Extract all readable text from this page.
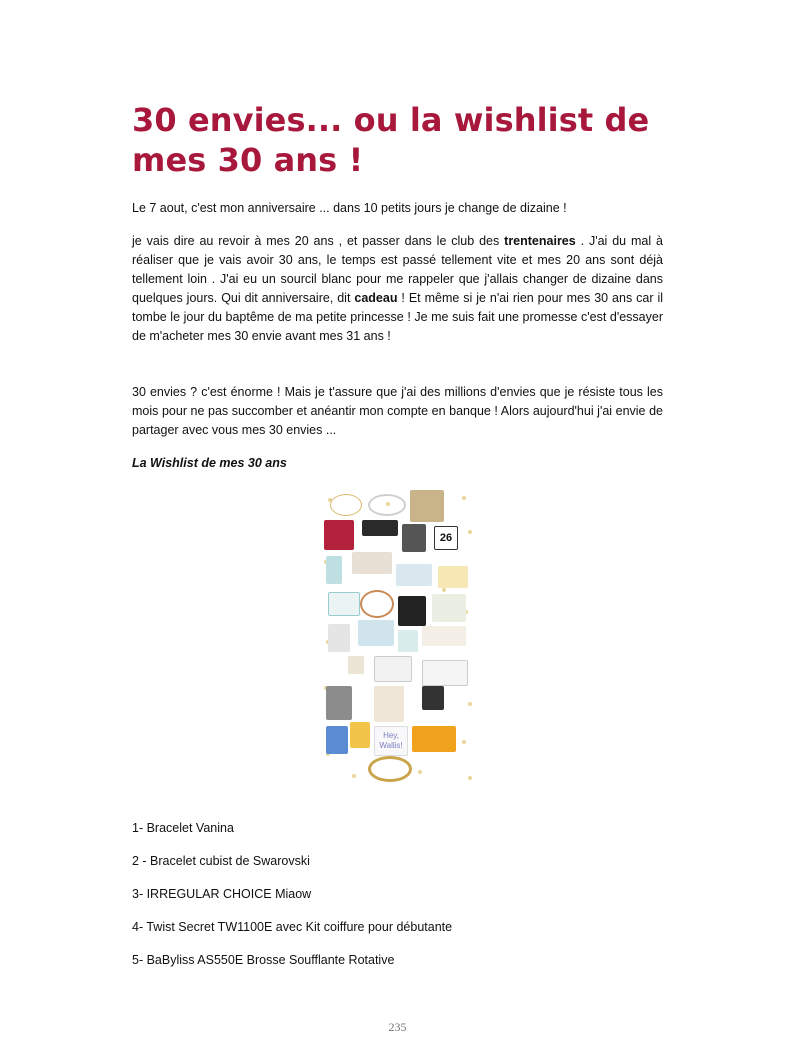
30 envies... ou la wishlist de mes 30 ans !

Le 7 aout, c'est mon anniversaire ... dans 10 petits jours je change de dizaine !

je vais dire au revoir à mes 20 ans , et passer dans le club des trentenaires . J'ai du mal à réaliser que je vais avoir 30 ans, le temps est passé tellement vite et mes 20 ans sont déjà tellement loin . J'ai eu un sourcil blanc pour me rappeler que j'allais changer de dizaine dans quelques jours. Qui dit anniversaire, dit cadeau ! Et même si je n'ai rien pour mes 30 ans car il tombe le jour du baptême de ma petite princesse ! Je me suis fait une promesse c'est d'essayer de m'acheter mes 30 envie avant mes 31 ans !

30 envies ? c'est énorme ! Mais je t'assure que j'ai des millions d'envies que je résiste tous les mois pour ne pas succomber et anéantir mon compte en banque ! Alors aujourd'hui j'ai envie de partager avec vous mes 30 envies ...

La Wishlist de mes 30 ans
1- Bracelet Vanina
2 - Bracelet cubist de Swarovski
3- IRREGULAR CHOICE Miaow
4- Twist Secret TW1100E avec Kit coiffure pour débutante
5- BaByliss AS550E Brosse Soufflante Rotative
26
Hey,
Wallis!
235
